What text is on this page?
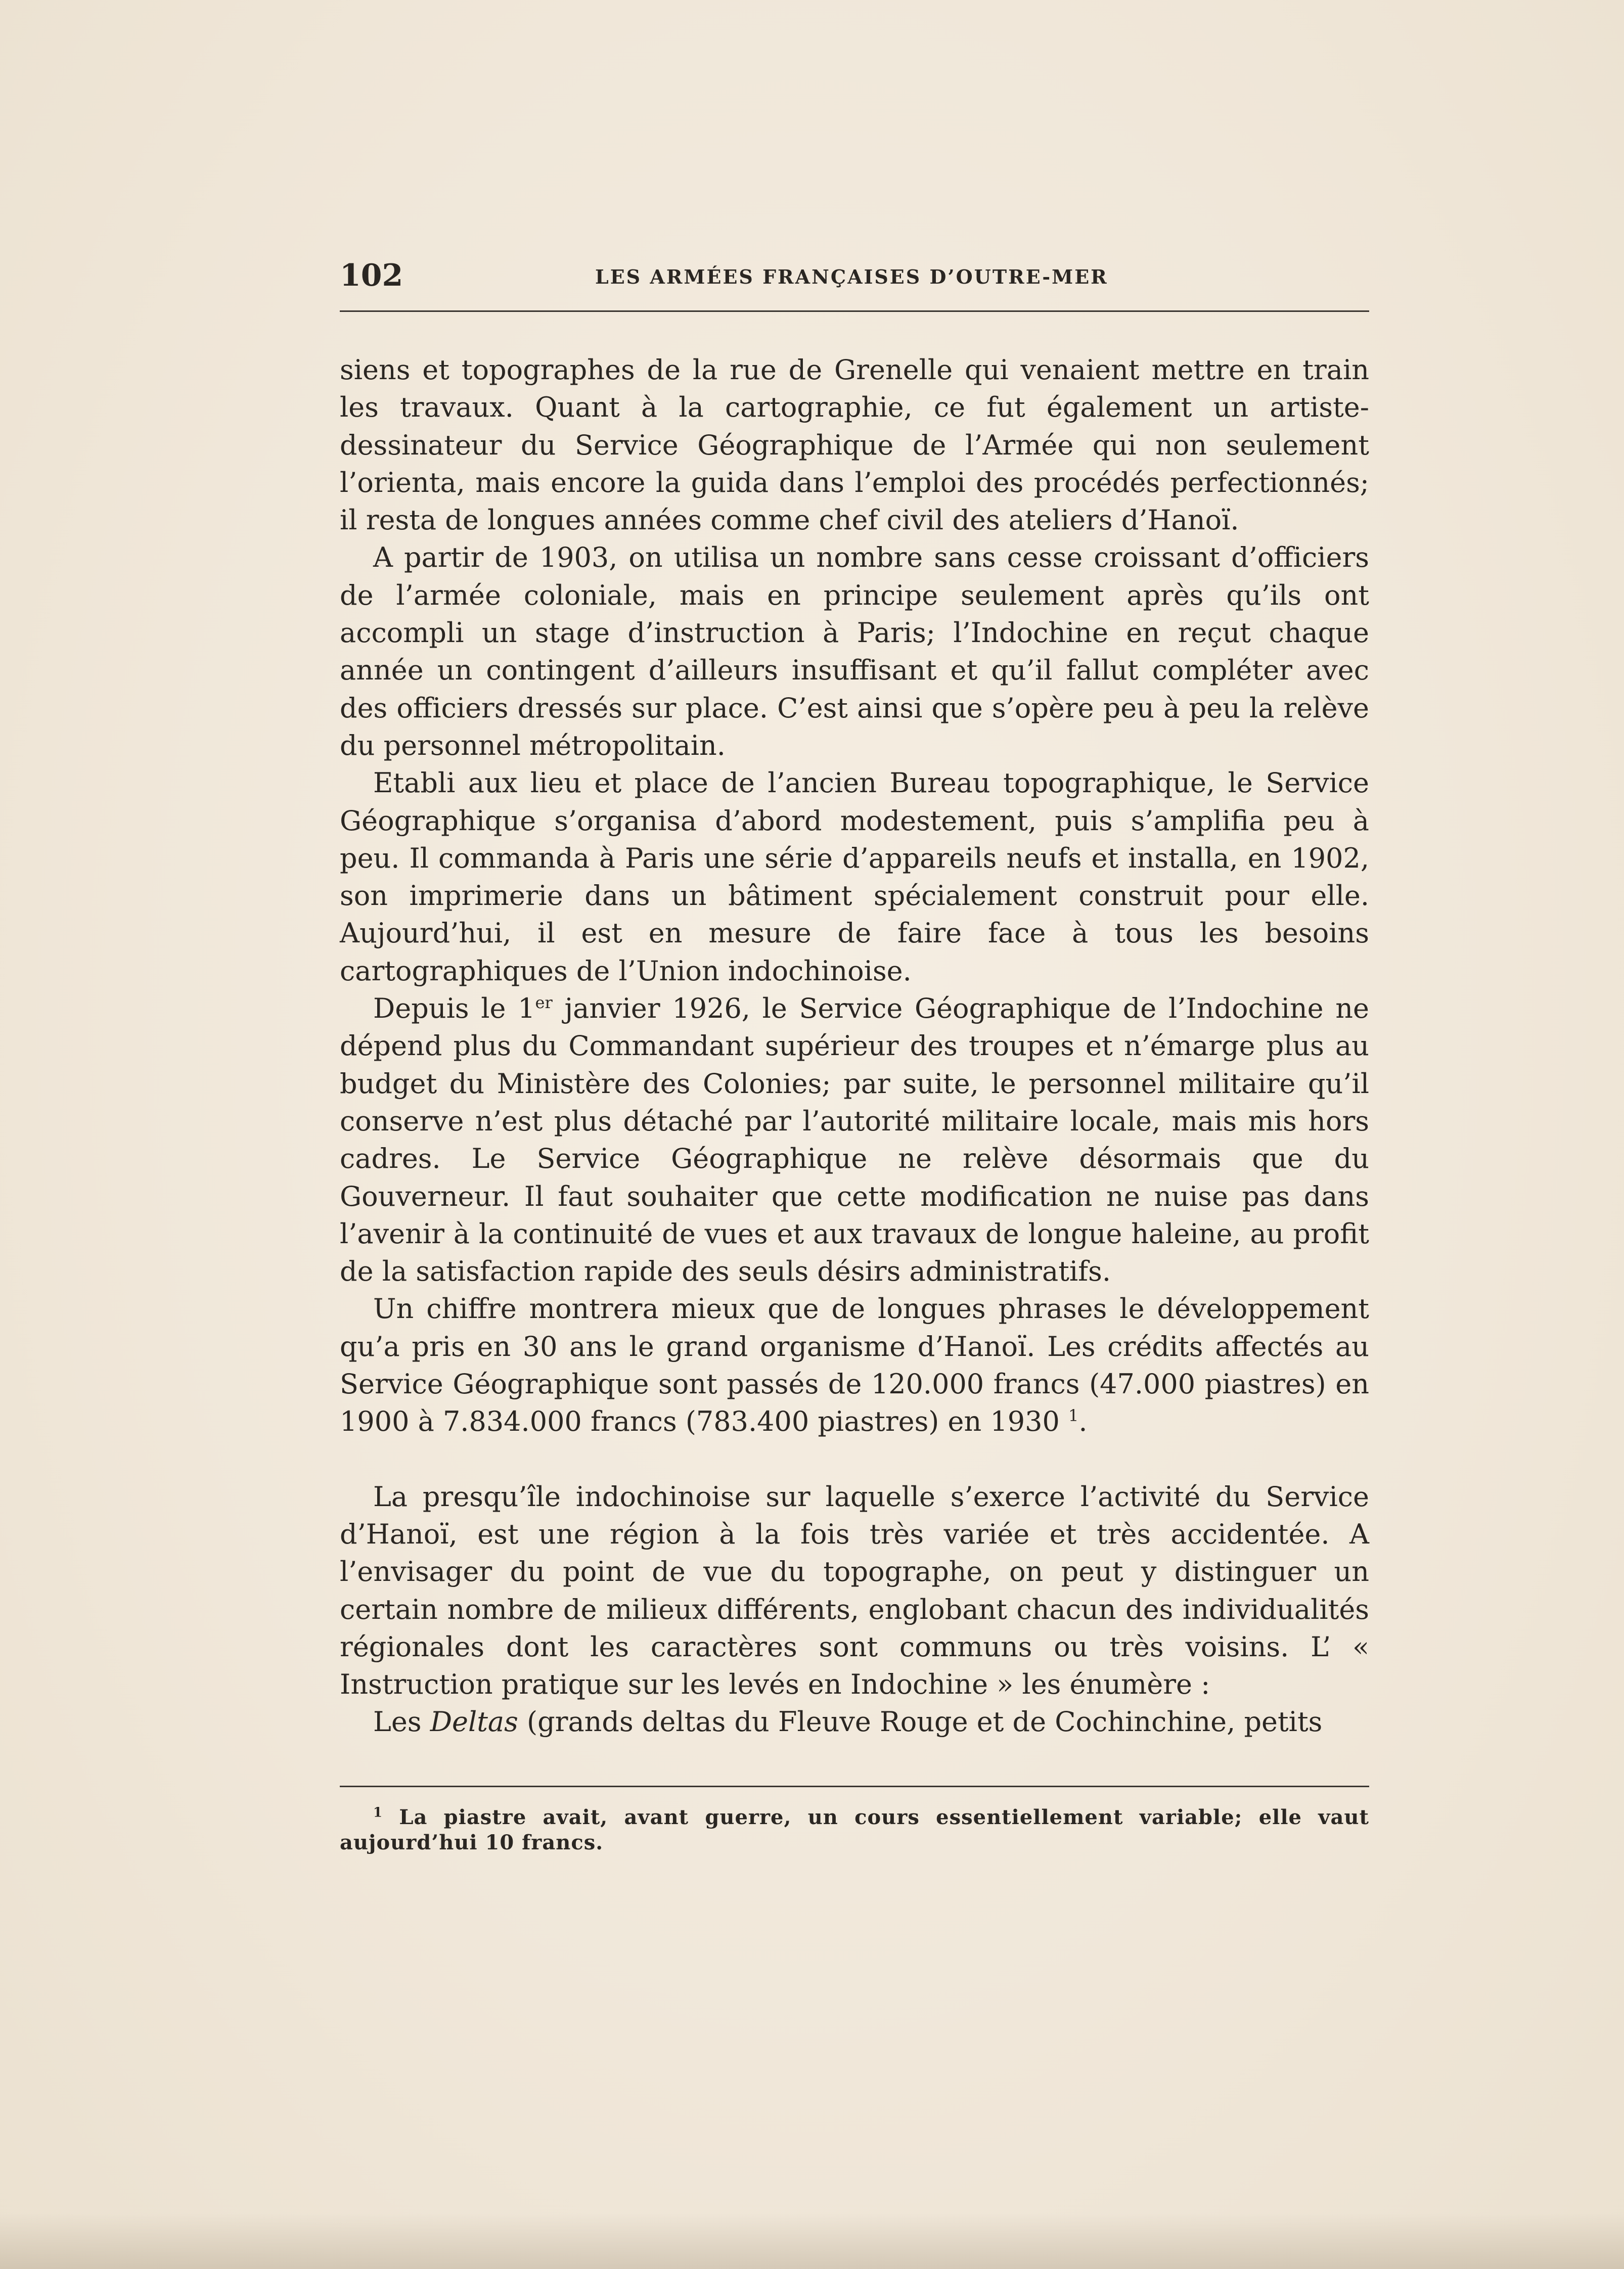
102	LES ARMÉES FRANÇAISES D’OUTRE-MER

siens et topographes de la rue de Grenelle qui venaient mettre en train les travaux. Quant à la cartographie, ce fut également un artiste-dessinateur du Service Géographique de l’Armée qui non seulement l’orienta, mais encore la guida dans l’emploi des procédés perfectionnés; il resta de longues années comme chef civil des ateliers d’Hanoï.

A partir de 1903, on utilisa un nombre sans cesse croissant d’officiers de l’armée coloniale, mais en principe seulement après qu’ils ont accompli un stage d’instruction à Paris; l’Indochine en reçut chaque année un contingent d’ailleurs insuffisant et qu’il fallut compléter avec des officiers dressés sur place. C’est ainsi que s’opère peu à peu la relève du personnel métropolitain.

Etabli aux lieu et place de l’ancien Bureau topographique, le Service Géographique s’organisa d’abord modestement, puis s’amplifia peu à peu. Il commanda à Paris une série d’appareils neufs et installa, en 1902, son imprimerie dans un bâtiment spécialement construit pour elle. Aujourd’hui, il est en mesure de faire face à tous les besoins cartographiques de l’Union indochinoise.

Depuis le 1er janvier 1926, le Service Géographique de l’Indochine ne dépend plus du Commandant supérieur des troupes et n’émarge plus au budget du Ministère des Colonies; par suite, le personnel militaire qu’il conserve n’est plus détaché par l’autorité militaire locale, mais mis hors cadres. Le Service Géographique ne relève désormais que du Gouverneur. Il faut souhaiter que cette modification ne nuise pas dans l’avenir à la continuité de vues et aux travaux de longue haleine, au profit de la satisfaction rapide des seuls désirs administratifs.

Un chiffre montrera mieux que de longues phrases le développement qu’a pris en 30 ans le grand organisme d’Hanoï. Les crédits affectés au Service Géographique sont passés de 120.000 francs (47.000 piastres) en 1900 à 7.834.000 francs (783.400 piastres) en 1930 $^1$.

La presqu’île indochinoise sur laquelle s’exerce l’activité du Service d’Hanoï, est une région à la fois très variée et très accidentée. A l’envisager du point de vue du topographe, on peut y distinguer un certain nombre de milieux différents, englobant chacun des individualités régionales dont les caractères sont communs ou très voisins. L’ « Instruction pratique sur les levés en Indochine » les énumère :

Les Deltas (grands deltas du Fleuve Rouge et de Cochinchine, petits

$^1$ La piastre avait, avant guerre, un cours essentiellement variable; elle vaut aujourd’hui 10 francs.
